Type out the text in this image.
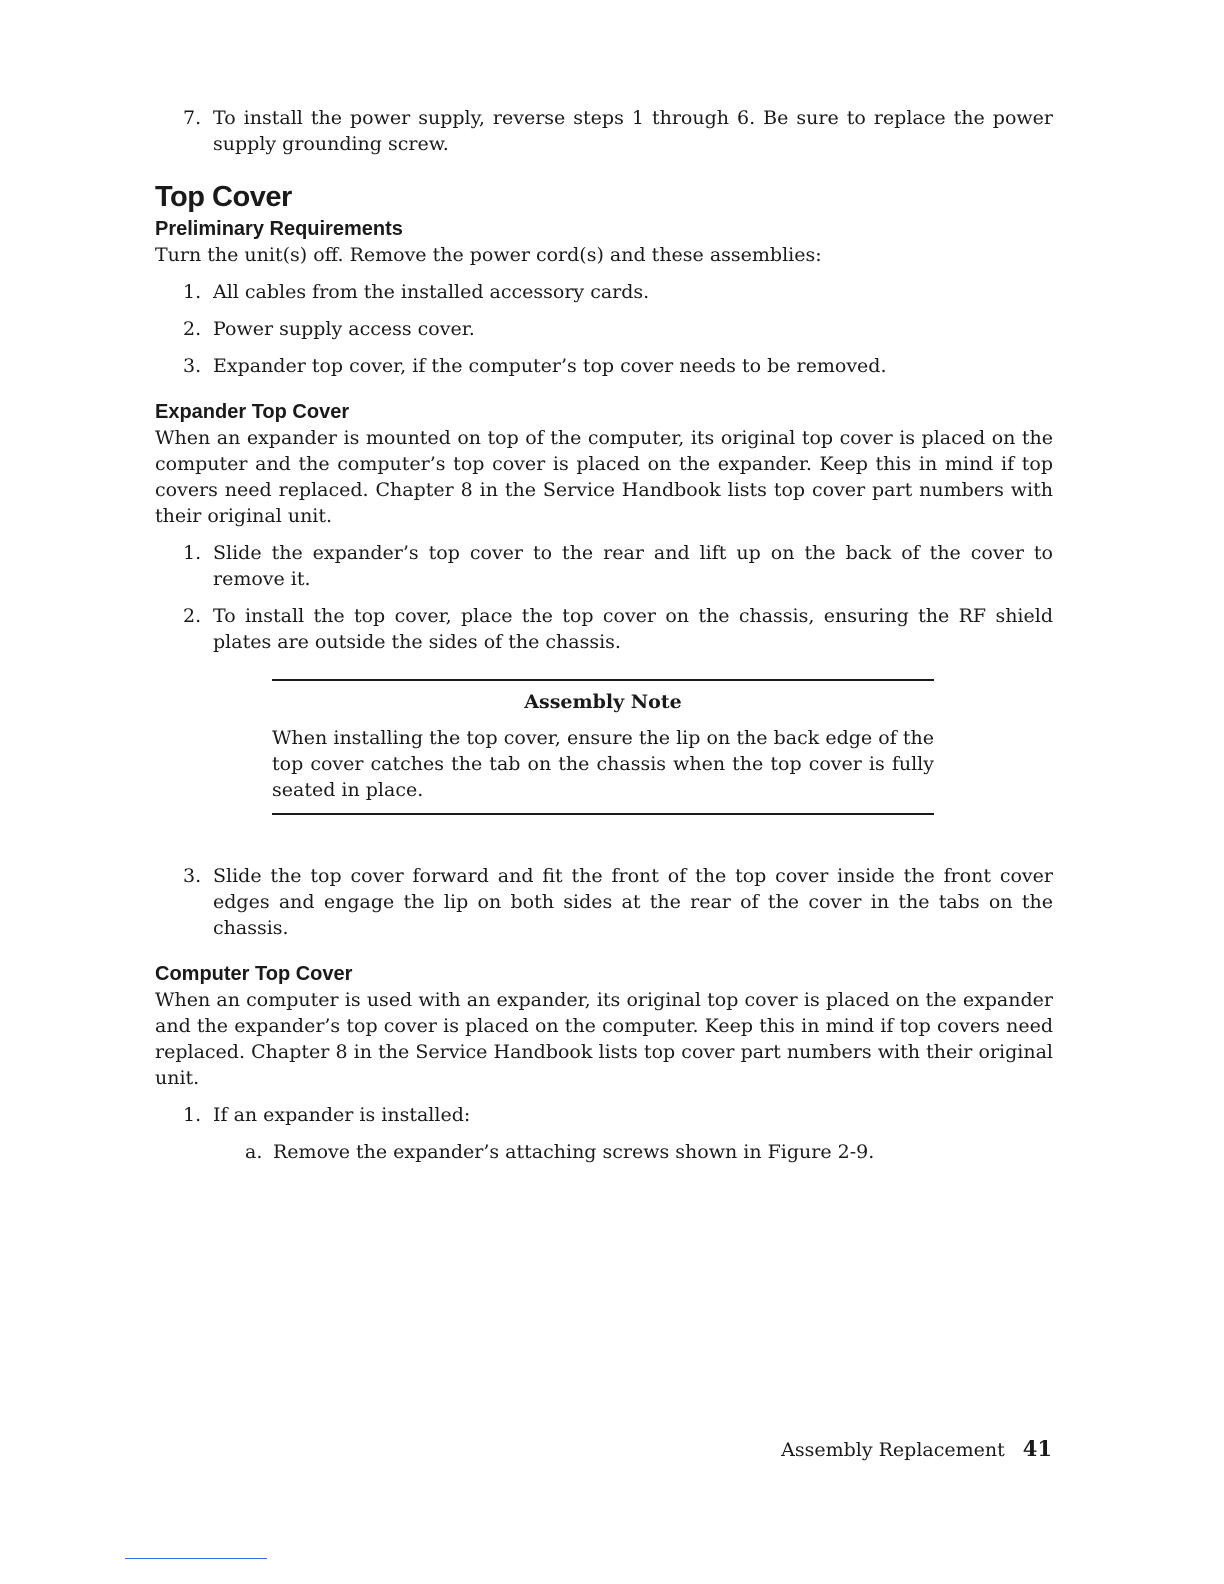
7. To install the power supply, reverse steps 1 through 6. Be sure to replace the power supply grounding screw.
Top Cover
Preliminary Requirements
Turn the unit(s) off. Remove the power cord(s) and these assemblies:
1. All cables from the installed accessory cards.
2. Power supply access cover.
3. Expander top cover, if the computer’s top cover needs to be removed.
Expander Top Cover
When an expander is mounted on top of the computer, its original top cover is placed on the computer and the computer’s top cover is placed on the expander. Keep this in mind if top covers need replaced. Chapter 8 in the Service Handbook lists top cover part numbers with their original unit.
1. Slide the expander’s top cover to the rear and lift up on the back of the cover to remove it.
2. To install the top cover, place the top cover on the chassis, ensuring the RF shield plates are outside the sides of the chassis.
Assembly Note
When installing the top cover, ensure the lip on the back edge of the top cover catches the tab on the chassis when the top cover is fully seated in place.
3. Slide the top cover forward and fit the front of the top cover inside the front cover edges and engage the lip on both sides at the rear of the cover in the tabs on the chassis.
Computer Top Cover
When an computer is used with an expander, its original top cover is placed on the expander and the expander’s top cover is placed on the computer. Keep this in mind if top covers need replaced. Chapter 8 in the Service Handbook lists top cover part numbers with their original unit.
1. If an expander is installed:
a. Remove the expander’s attaching screws shown in Figure 2-9.
Assembly Replacement 41
